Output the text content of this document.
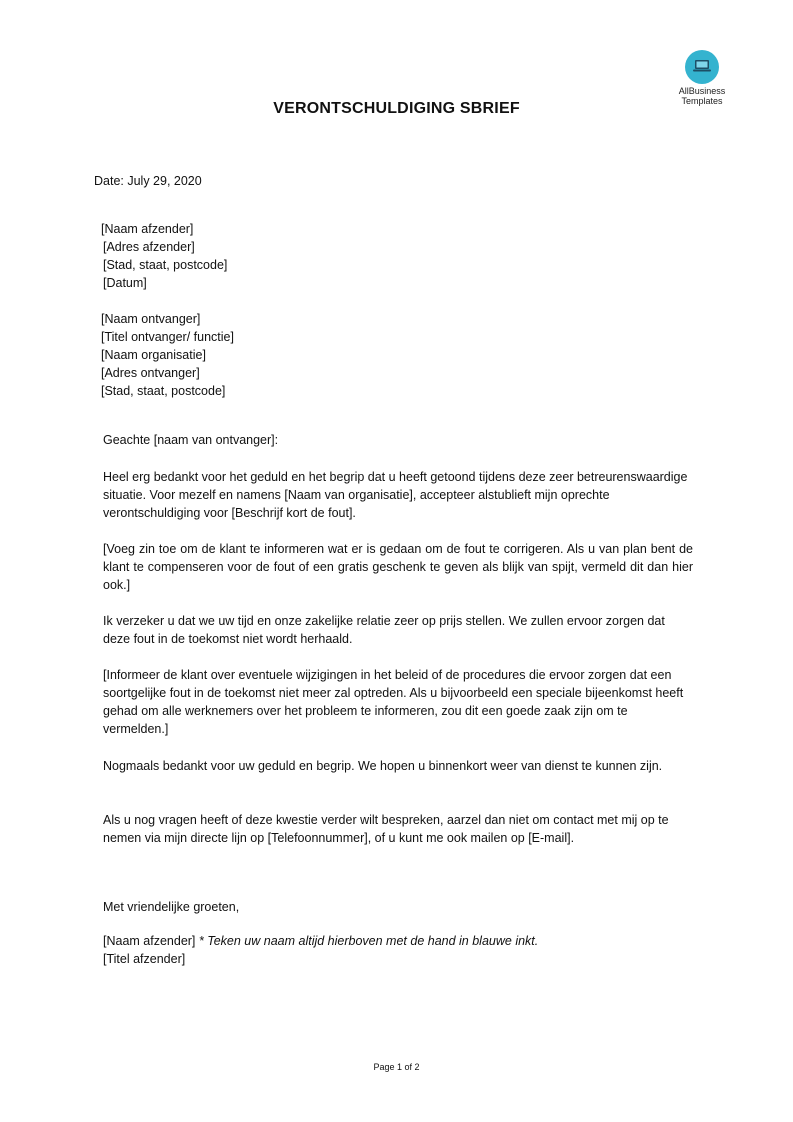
AllBusiness
Templates
VERONTSCHULDIGING SBRIEF
Date: July 29, 2020
[Naam afzender]
[Adres afzender]
[Stad, staat, postcode]
[Datum]
[Naam ontvanger]
[Titel ontvanger/ functie]
[Naam organisatie]
[Adres ontvanger]
[Stad, staat, postcode]
Geachte [naam van ontvanger]:
Heel erg bedankt voor het geduld en het begrip dat u heeft getoond tijdens deze zeer betreurenswaardige situatie. Voor mezelf en namens [Naam van organisatie], accepteer alstublieft mijn oprechte verontschuldiging voor [Beschrijf kort de fout].
[Voeg zin toe om de klant te informeren wat er is gedaan om de fout te corrigeren. Als u van plan bent de klant te compenseren voor de fout of een gratis geschenk te geven als blijk van spijt, vermeld dit dan hier ook.]
Ik verzeker u dat we uw tijd en onze zakelijke relatie zeer op prijs stellen. We zullen ervoor zorgen dat deze fout in de toekomst niet wordt herhaald.
[Informeer de klant over eventuele wijzigingen in het beleid of de procedures die ervoor zorgen dat een soortgelijke fout in de toekomst niet meer zal optreden. Als u bijvoorbeeld een speciale bijeenkomst heeft gehad om alle werknemers over het probleem te informeren, zou dit een goede zaak zijn om te vermelden.]
Nogmaals bedankt voor uw geduld en begrip. We hopen u binnenkort weer van dienst te kunnen zijn.
Als u nog vragen heeft of deze kwestie verder wilt bespreken, aarzel dan niet om contact met mij op te nemen via mijn directe lijn op [Telefoonnummer], of u kunt me ook mailen op [E-mail].
Met vriendelijke groeten,
[Naam afzender] * Teken uw naam altijd hierboven met de hand in blauwe inkt.
[Titel afzender]
Page 1 of 2
